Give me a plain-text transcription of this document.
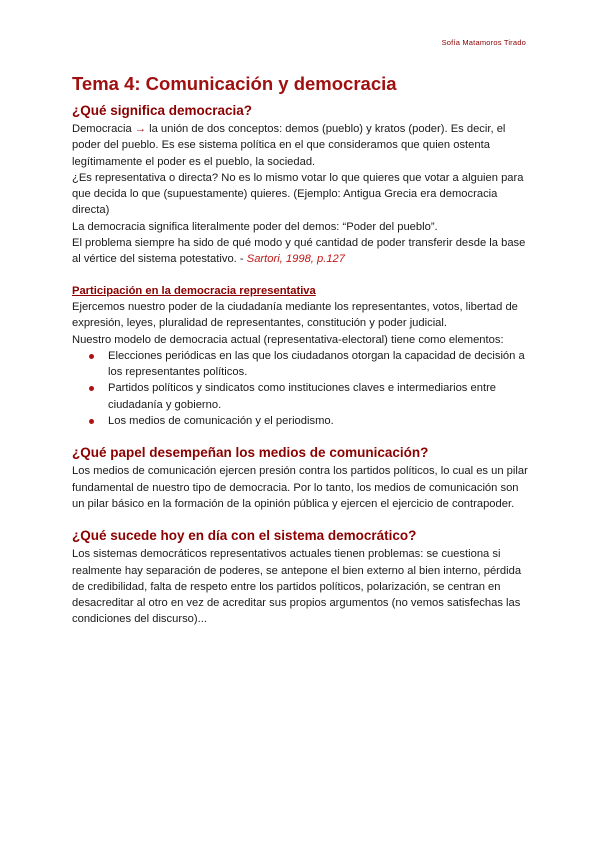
Sofía Matamoros Tirado
Tema 4: Comunicación y democracia
¿Qué significa democracia?

Democracia → la unión de dos conceptos: demos (pueblo) y kratos (poder). Es decir, el poder del pueblo. Es ese sistema política en el que consideramos que quien ostenta legítimamente el poder es el pueblo, la sociedad.

¿Es representativa o directa? No es lo mismo votar lo que quieres que votar a alguien para que decida lo que (supuestamente) quieres. (Ejemplo: Antigua Grecia era democracia directa)

La democracia significa literalmente poder del demos: “Poder del pueblo”.

El problema siempre ha sido de qué modo y qué cantidad de poder transferir desde la base al vértice del sistema potestativo. - Sartori, 1998, p.127

Participación en la democracia representativa

Ejercemos nuestro poder de la ciudadanía mediante los representantes, votos, libertad de expresión, leyes, pluralidad de representantes, constitución y poder judicial.

Nuestro modelo de democracia actual (representativa-electoral) tiene como elementos:

Elecciones periódicas en las que los ciudadanos otorgan la capacidad de decisión a los representantes políticos.
Partidos políticos y sindicatos como instituciones claves e intermediarios entre ciudadanía y gobierno.
Los medios de comunicación y el periodismo.
¿Qué papel desempeñan los medios de comunicación?

Los medios de comunicación ejercen presión contra los partidos políticos, lo cual es un pilar fundamental de nuestro tipo de democracia. Por lo tanto, los medios de comunicación son un pilar básico en la formación de la opinión pública y ejercen el ejercicio de contrapoder.

¿Qué sucede hoy en día con el sistema democrático?

Los sistemas democráticos representativos actuales tienen problemas: se cuestiona si realmente hay separación de poderes, se antepone el bien externo al bien interno, pérdida de credibilidad, falta de respeto entre los partidos políticos, polarización, se centran en desacreditar al otro en vez de acreditar sus propios argumentos (no vemos satisfechas las condiciones del discurso)...
